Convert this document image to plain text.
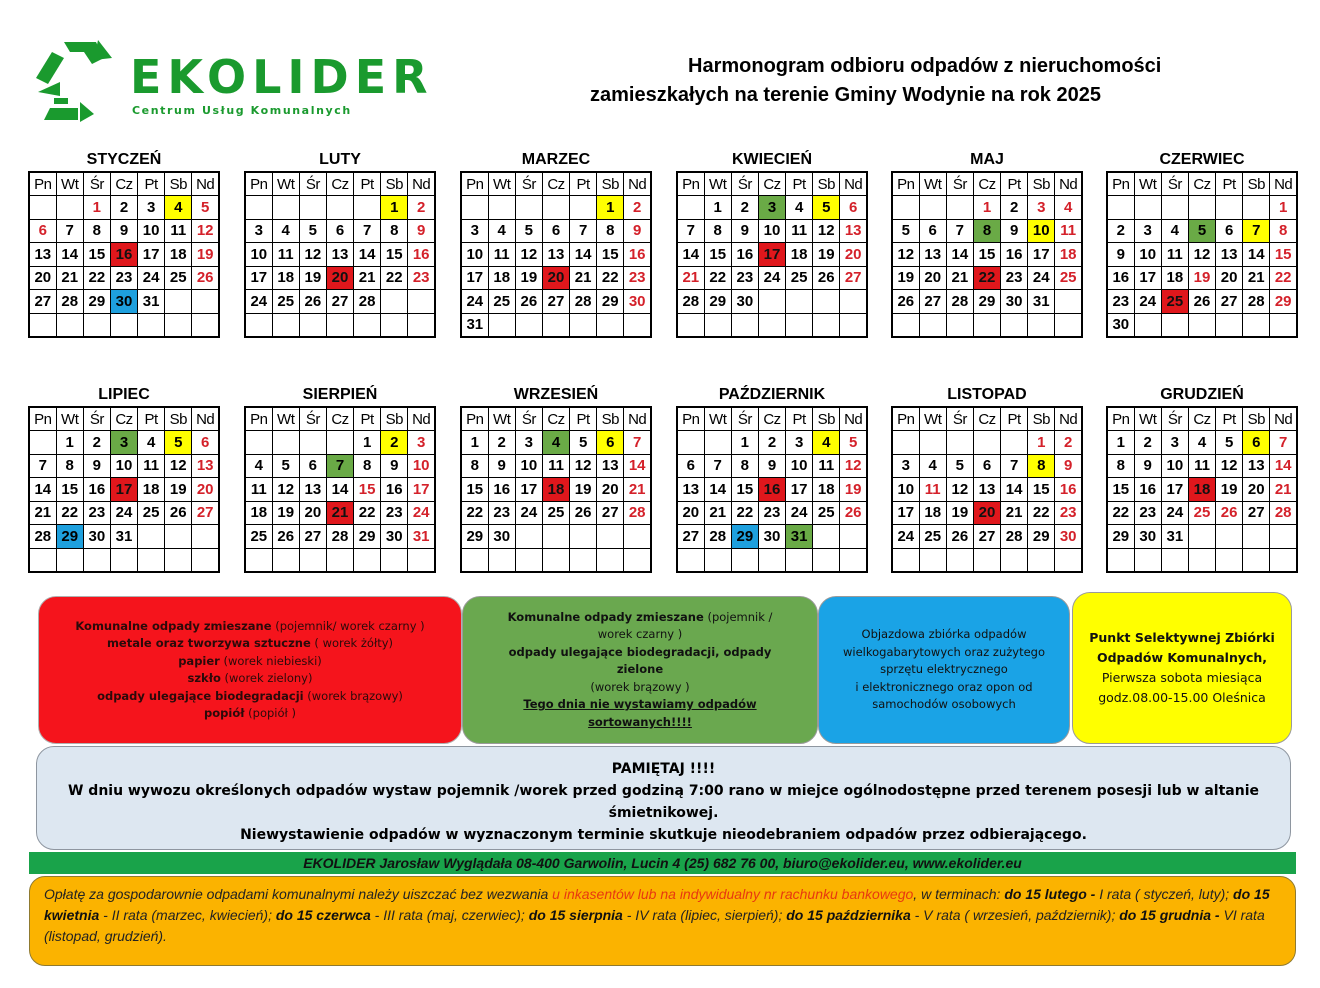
EKOLIDER
Centrum Usług Komunalnych
Harmonogram odbioru odpadów z nieruchomości
zamieszkałych na terenie Gminy Wodynie na rok 2025
STYCZEŃ
Pn	Wt	Śr	Cz	Pt	Sb	Nd
		1	2	3	4	5
6	7	8	9	10	11	12
13	14	15	16	17	18	19
20	21	22	23	24	25	26
27	28	29	30	31		

LUTY
Pn	Wt	Śr	Cz	Pt	Sb	Nd
					1	2
3	4	5	6	7	8	9
10	11	12	13	14	15	16
17	18	19	20	21	22	23
24	25	26	27	28		

MARZEC
Pn	Wt	Śr	Cz	Pt	Sb	Nd
					1	2
3	4	5	6	7	8	9
10	11	12	13	14	15	16
17	18	19	20	21	22	23
24	25	26	27	28	29	30
31						
KWIECIEŃ
Pn	Wt	Śr	Cz	Pt	Sb	Nd
	1	2	3	4	5	6
7	8	9	10	11	12	13
14	15	16	17	18	19	20
21	22	23	24	25	26	27
28	29	30				

MAJ
Pn	Wt	Śr	Cz	Pt	Sb	Nd
			1	2	3	4
5	6	7	8	9	10	11
12	13	14	15	16	17	18
19	20	21	22	23	24	25
26	27	28	29	30	31	

CZERWIEC
Pn	Wt	Śr	Cz	Pt	Sb	Nd
						1
2	3	4	5	6	7	8
9	10	11	12	13	14	15
16	17	18	19	20	21	22
23	24	25	26	27	28	29
30						
LIPIEC
Pn	Wt	Śr	Cz	Pt	Sb	Nd
	1	2	3	4	5	6
7	8	9	10	11	12	13
14	15	16	17	18	19	20
21	22	23	24	25	26	27
28	29	30	31			

SIERPIEŃ
Pn	Wt	Śr	Cz	Pt	Sb	Nd
				1	2	3
4	5	6	7	8	9	10
11	12	13	14	15	16	17
18	19	20	21	22	23	24
25	26	27	28	29	30	31

WRZESIEŃ
Pn	Wt	Śr	Cz	Pt	Sb	Nd
1	2	3	4	5	6	7
8	9	10	11	12	13	14
15	16	17	18	19	20	21
22	23	24	25	26	27	28
29	30					

PAŹDZIERNIK
Pn	Wt	Śr	Cz	Pt	Sb	Nd
		1	2	3	4	5
6	7	8	9	10	11	12
13	14	15	16	17	18	19
20	21	22	23	24	25	26
27	28	29	30	31		

LISTOPAD
Pn	Wt	Śr	Cz	Pt	Sb	Nd
					1	2
3	4	5	6	7	8	9
10	11	12	13	14	15	16
17	18	19	20	21	22	23
24	25	26	27	28	29	30

GRUDZIEŃ
Pn	Wt	Śr	Cz	Pt	Sb	Nd
1	2	3	4	5	6	7
8	9	10	11	12	13	14
15	16	17	18	19	20	21
22	23	24	25	26	27	28
29	30	31				

Komunalne odpady zmieszane (pojemnik/ worek czarny )
metale oraz tworzywa sztuczne ( worek żółty)
papier (worek niebieski)
szkło (worek zielony)
odpady ulegające biodegradacji (worek brązowy)
popiół (popiół )
Komunalne odpady zmieszane (pojemnik / worek czarny )
odpady ulegające biodegradacji, odpady zielone
(worek brązowy )
Tego dnia nie wystawiamy odpadów sortowanych!!!!
Objazdowa zbiórka odpadów
wielkogabarytowych oraz zużytego
sprzętu elektrycznego
i elektronicznego oraz opon od
samochodów osobowych
Punkt Selektywnej Zbiórki
Odpadów Komunalnych,
Pierwsza sobota miesiąca
godz.08.00-15.00 Oleśnica
PAMIĘTAJ !!!!
W dniu wywozu określonych odpadów wystaw pojemnik /worek przed godziną 7:00 rano w miejce ogólnodostępne przed terenem posesji lub w altanie śmietnikowej.
Niewystawienie odpadów w wyznaczonym terminie skutkuje nieodebraniem odpadów przez odbierającego.
EKOLIDER Jarosław Wyglądała 08-400 Garwolin, Lucin 4 (25) 682 76 00, biuro@ekolider.eu, www.ekolider.eu
Opłatę za gospodarownie odpadami komunalnymi należy uiszczać bez wezwania u inkasentów lub na indywidualny nr rachunku bankowego, w terminach: do 15 lutego - I rata ( styczeń, luty); do 15 kwietnia - II rata (marzec, kwiecień); do 15 czerwca - III rata (maj, czerwiec); do 15 sierpnia - IV rata (lipiec, sierpień); do 15 października - V rata ( wrzesień, październik); do 15 grudnia - VI rata (listopad, grudzień).
